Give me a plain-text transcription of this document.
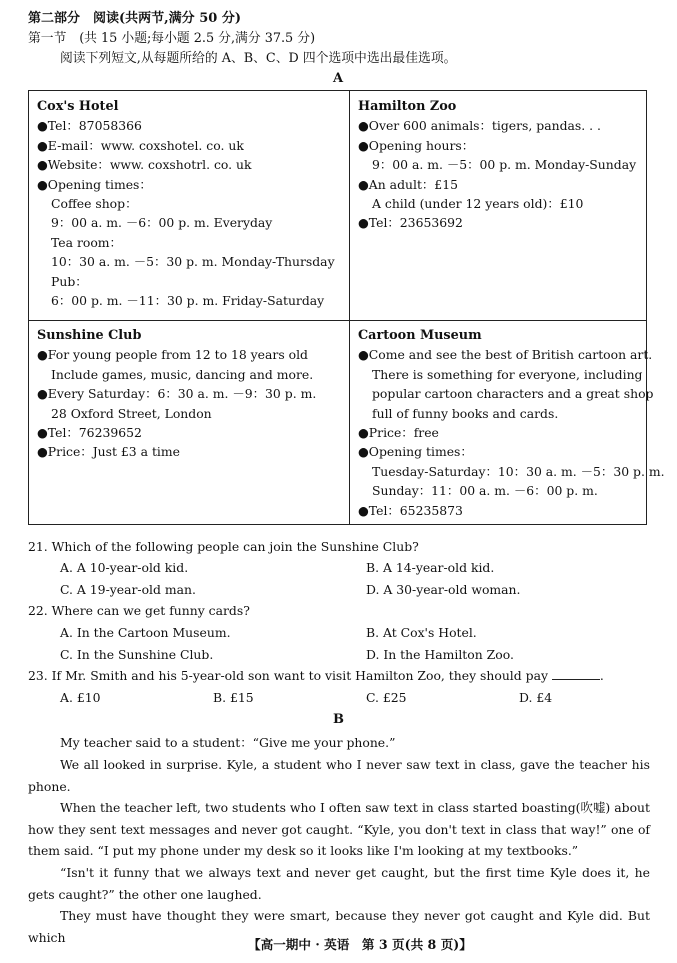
第二部分　阅读(共两节,满分 50 分)
第一节　(共 15 小题;每小题 2.5 分,满分 37.5 分)
阅读下列短文,从每题所给的 A、B、C、D 四个选项中选出最佳选项。
A
Cox's Hotel
●Tel：87058366
●E-mail：www. coxshotel. co. uk
●Website：www. coxshotrl. co. uk
●Opening times：
Coffee shop：
9：00 a. m. －6：00 p. m. Everyday
Tea room：
10：30 a. m. －5：30 p. m. Monday-Thursday
Pub：
6：00 p. m. －11：30 p. m. Friday-Saturday
Hamilton Zoo
●Over 600 animals：tigers, pandas. . .
●Opening hours：
9：00 a. m. －5：00 p. m. Monday-Sunday
●An adult：£15
A child (under 12 years old)：£10
●Tel：23653692
Sunshine Club
●For young people from 12 to 18 years old
Include games, music, dancing and more.
●Every Saturday：6：30 a. m. －9：30 p. m.
28 Oxford Street, London
●Tel：76239652
●Price：Just £3 a time
Cartoon Museum
●Come and see the best of British cartoon art.
There is something for everyone, including
popular cartoon characters and a great shop
full of funny books and cards.
●Price：free
●Opening times：
Tuesday-Saturday：10：30 a. m. －5：30 p. m.
Sunday：11：00 a. m. －6：00 p. m.
●Tel：65235873
21. Which of the following people can join the Sunshine Club?
A. A 10-year-old kid.	B. A 14-year-old kid.
C. A 19-year-old man.	D. A 30-year-old woman.
22. Where can we get funny cards?
A. In the Cartoon Museum.	B. At Cox's Hotel.
C. In the Sunshine Club.	D. In the Hamilton Zoo.
23. If Mr. Smith and his 5-year-old son want to visit Hamilton Zoo, they should pay	.
A. £10	B. £15	C. £25	D. £4
B
My teacher said to a student：“Give me your phone.”
We all looked in surprise. Kyle, a student who I never saw text in class, gave the teacher his phone.
When the teacher left, two students who I often saw text in class started boasting(吹嘘) about how they sent text messages and never got caught. “Kyle, you don't text in class that way!” one of them said. “I put my phone under my desk so it looks like I'm looking at my textbooks.”
“Isn't it funny that we always text and never get caught, but the first time Kyle does it, he gets caught?” the other one laughed.
They must have thought they were smart, because they never got caught and Kyle did. But which	【高一期中 · 英语　第 3 页(共 8 页)】
